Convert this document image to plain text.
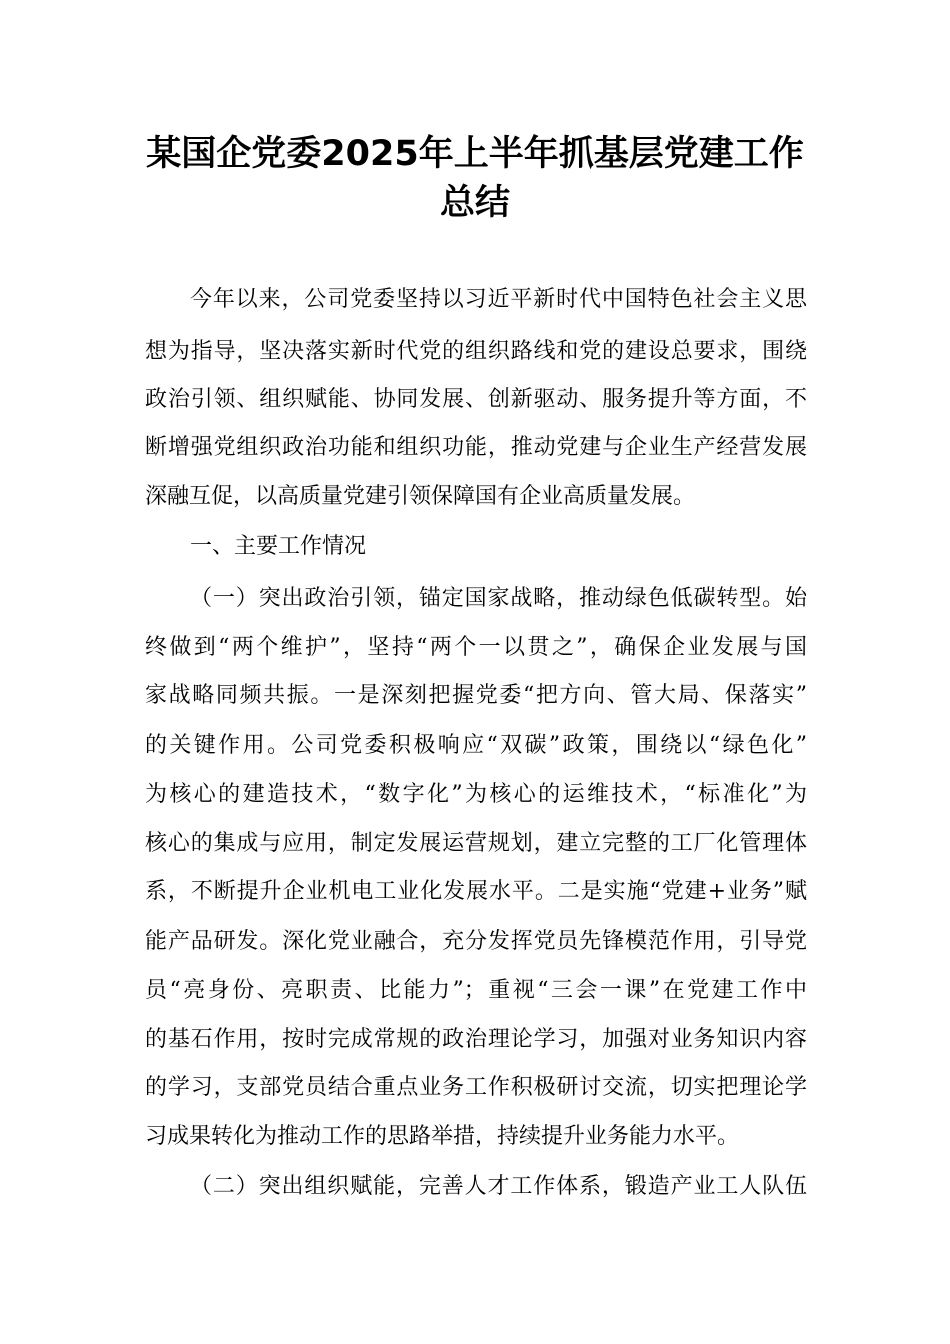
某国企党委2025年上半年抓基层党建工作
总结

今年以来，公司党委坚持以习近平新时代中国特色社会主义思

想为指导，坚决落实新时代党的组织路线和党的建设总要求，围绕

政治引领、组织赋能、协同发展、创新驱动、服务提升等方面，不

断增强党组织政治功能和组织功能，推动党建与企业生产经营发展

深融互促，以高质量党建引领保障国有企业高质量发展。

一、主要工作情况

（一）突出政治引领，锚定国家战略，推动绿色低碳转型。始

终做到“两个维护”，坚持“两个一以贯之”，确保企业发展与国

家战略同频共振。一是深刻把握党委“把方向、管大局、保落实”

的关键作用。公司党委积极响应“双碳”政策，围绕以“绿色化”

为核心的建造技术，“数字化”为核心的运维技术，“标准化”为

核心的集成与应用，制定发展运营规划，建立完整的工厂化管理体

系，不断提升企业机电工业化发展水平。二是实施“党建+业务”赋

能产品研发。深化党业融合，充分发挥党员先锋模范作用，引导党

员“亮身份、亮职责、比能力”；重视“三会一课”在党建工作中

的基石作用，按时完成常规的政治理论学习，加强对业务知识内容

的学习，支部党员结合重点业务工作积极研讨交流，切实把理论学

习成果转化为推动工作的思路举措，持续提升业务能力水平。

（二）突出组织赋能，完善人才工作体系，锻造产业工人队伍
